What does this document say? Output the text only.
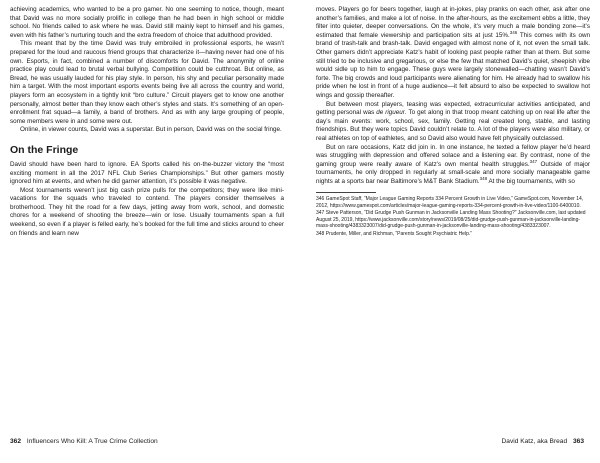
achieving academics, who wanted to be a pro gamer. No one seeming to notice, though, meant that David was no more socially prolific in college than he had been in high school or middle school. No friends called to ask where he was. David still mainly kept to himself and his games, even with his father’s nurturing touch and the extra freedom of choice that adulthood provided.

This meant that by the time David was truly embroiled in professional esports, he wasn’t prepared for the loud and raucous friend groups that characterize it—having never had one of his own. Esports, in fact, combined a number of discomforts for David. The anonymity of online practice play could lead to brutal verbal bullying. Competition could be cutthroat. But online, as Bread, he was usually lauded for his play style. In person, his shy and peculiar personality made him a target. With the most important esports events being live all across the country and world, players form an ecosystem in a tightly knit “bro culture.” Circuit players get to know one another personally, almost better than they know each other’s styles and stats. It’s something of an open-enrollment frat squad—a family, a band of brothers. And as with any large grouping of people, some members were in and some were out.

Online, in viewer counts, David was a superstar. But in person, David was on the social fringe.

On the Fringe

David should have been hard to ignore. EA Sports called his on-the-buzzer victory the “most exciting moment in all the 2017 NFL Club Series Championships.” But other gamers mostly ignored him at events, and when he did garner attention, it’s possible it was negative.

Most tournaments weren’t just big cash prize pulls for the competitors; they were like mini-vacations for the squads who traveled to contend. The players consider themselves a brotherhood. They hit the road for a few days, jetting away from work, school, and domestic chores for a weekend of shooting the breeze—win or lose. Usually tournaments span a full weekend, so even if a player is felled early, he’s booked for the full time and sticks around to cheer on friends and learn new

moves. Players go for beers together, laugh at in-jokes, play pranks on each other, ask after one another’s families, and make a lot of noise. In the after-hours, as the excitement ebbs a little, they filter into quieter, deeper conversations. On the whole, it’s very much a male bonding zone—it’s estimated that female viewership and participation sits at just 15%.$^{346}$ This comes with its own brand of trash-talk and brash-talk. David engaged with almost none of it, not even the small talk. Other gamers didn’t appreciate Katz’s habit of looking past people rather than at them. But some still tried to be inclusive and gregarious, or else the few that matched David’s quiet, sheepish vibe would sidle up to him to engage. These guys were largely stonewalled—chatting wasn’t David’s forte. The big crowds and loud participants were alienating for him. He already had to swallow his pride when he lost in front of a huge audience—it felt absurd to also be expected to swallow hot wings and gossip thereafter.

But between most players, teasing was expected, extracurricular activities anticipated, and getting personal was de rigueur. To get along in that troop meant catching up on real life after the day’s main events: work, school, sex, family. Getting real created long, stable, and lasting friendships. But they were topics David couldn’t relate to. A lot of the players were also military, or real athletes on top of eathletes, and so David also would have felt physically outclassed.

But on rare occasions, Katz did join in. In one instance, he texted a fellow player he’d heard was struggling with depression and offered solace and a listening ear. By contrast, none of the gaming group were really aware of Katz’s own mental health struggles.$^{347}$ Outside of major tournaments, he only dropped in regularly at small-scale and more socially manageable game nights at a sports bar near Baltimore’s M&T Bank Stadium.$^{348}$ At the big tournaments, with so

346 GameSpot Staff, “Major League Gaming Reports 334 Percent Growth in Live Video,” GameSpot.com, November 14, 2012, https://www.gamespot.com/articles/major-league-gaming-reports-334-percent-growth-in-live-video/1100-6400010.

347 Steve Patterson, “Did Grudge Push Gunman in Jacksonville Landing Mass Shooting?” Jacksonville.com, last updated August 25, 2019, https://www.jacksonville.com/story/news/2019/08/25/did-grudge-push-gunman-in-jacksonville-landing-mass-shooting/4383323007/did-grudge-push-gunman-in-jacksonville-landing-mass-shooting/4383323007.

348 Prudente, Miller, and Richman, “Parents Sought Psychiatric Help.”

362 Influencers Who Kill: A True Crime Collection	David Katz, aka Bread 363
